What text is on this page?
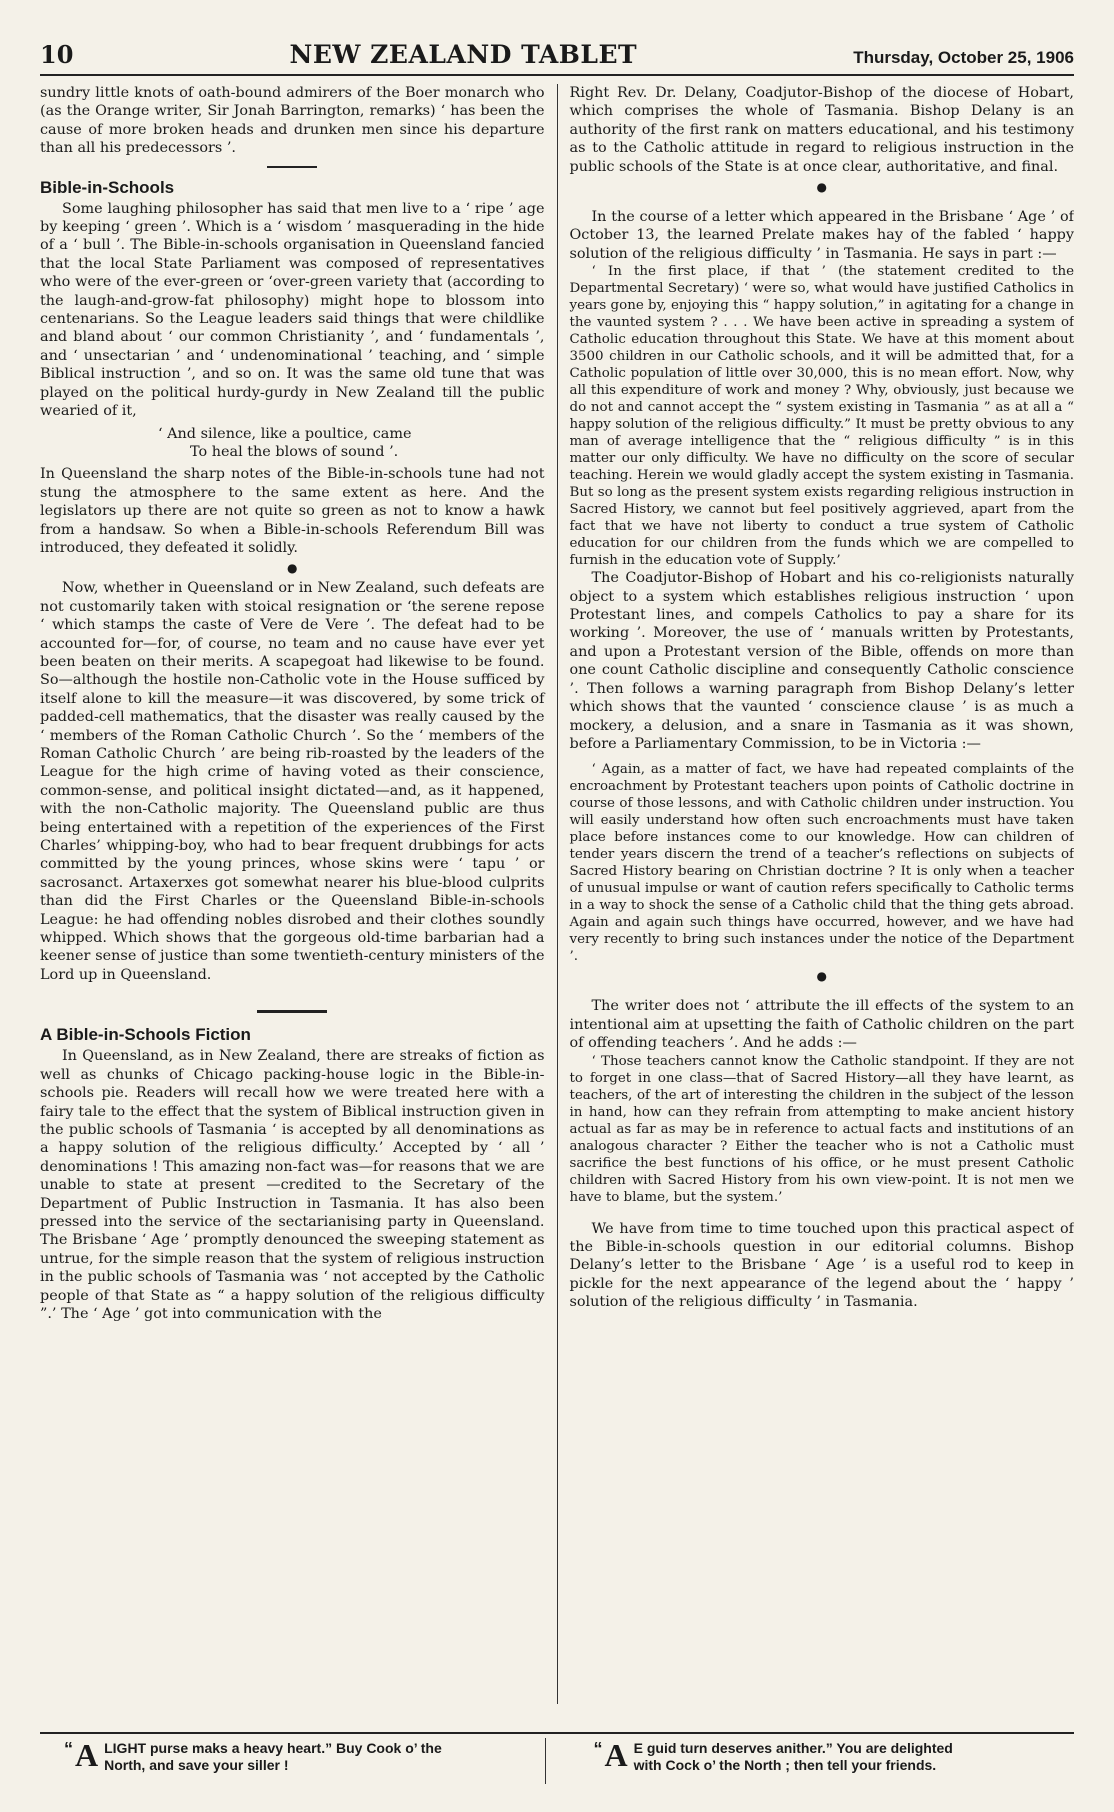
10	NEW ZEALAND TABLET	Thursday, October 25, 1906

sundry little knots of oath-bound admirers of the Boer monarch who (as the Orange writer, Sir Jonah Barrington, remarks) ‘ has been the cause of more broken heads and drunken men since his departure than all his predecessors ’.

Bible-in-Schools

Some laughing philosopher has said that men live to a ‘ ripe ’ age by keeping ‘ green ’. Which is a ‘ wisdom ’ masquerading in the hide of a ‘ bull ’. The Bible-in-schools organisation in Queensland fancied that the local State Parliament was composed of representatives who were of the ever-green or ‘over-green variety that (according to the laugh-and-grow-fat philosophy) might hope to blossom into centenarians. So the League leaders said things that were childlike and bland about ‘ our common Christianity ’, and ‘ fundamentals ’, and ‘ unsectarian ’ and ‘ undenominational ’ teaching, and ‘ simple Biblical instruction ’, and so on. It was the same old tune that was played on the political hurdy-gurdy in New Zealand till the public wearied of it,

‘ And silence, like a poultice, came
To heal the blows of sound ’.

In Queensland the sharp notes of the Bible-in-schools tune had not stung the atmosphere to the same extent as here. And the legislators up there are not quite so green as not to know a hawk from a handsaw. So when a Bible-in-schools Referendum Bill was introduced, they defeated it solidly.

●

Now, whether in Queensland or in New Zealand, such defeats are not customarily taken with stoical resignation or ‘the serene repose ‘ which stamps the caste of Vere de Vere ’. The defeat had to be accounted for—for, of course, no team and no cause have ever yet been beaten on their merits. A scapegoat had likewise to be found. So—although the hostile non-Catholic vote in the House sufficed by itself alone to kill the measure—it was discovered, by some trick of padded-cell mathematics, that the disaster was really caused by the ‘ members of the Roman Catholic Church ’. So the ‘ members of the Roman Catholic Church ’ are being rib-roasted by the leaders of the League for the high crime of having voted as their conscience, common-sense, and political insight dictated—and, as it happened, with the non-Catholic majority. The Queensland public are thus being entertained with a repetition of the experiences of the First Charles’ whipping-boy, who had to bear frequent drubbings for acts committed by the young princes, whose skins were ‘ tapu ’ or sacrosanct. Artaxerxes got somewhat nearer his blue-blood culprits than did the First Charles or the Queensland Bible-in-schools League: he had offending nobles disrobed and their clothes soundly whipped. Which shows that the gorgeous old-time barbarian had a keener sense of justice than some twentieth-century ministers of the Lord up in Queensland.

A Bible-in-Schools Fiction

In Queensland, as in New Zealand, there are streaks of fiction as well as chunks of Chicago packing-house logic in the Bible-in-schools pie. Readers will recall how we were treated here with a fairy tale to the effect that the system of Biblical instruction given in the public schools of Tasmania ‘ is accepted by all denominations as a happy solution of the religious difficulty.’ Accepted by ‘ all ’ denominations ! This amazing non-fact was—for reasons that we are unable to state at present —credited to the Secretary of the Department of Public Instruction in Tasmania. It has also been pressed into the service of the sectarianising party in Queensland. The Brisbane ‘ Age ’ promptly denounced the sweeping statement as untrue, for the simple reason that the system of religious instruction in the public schools of Tasmania was ‘ not accepted by the Catholic people of that State as “ a happy solution of the religious difficulty ”.’ The ‘ Age ’ got into communication with the

Right Rev. Dr. Delany, Coadjutor-Bishop of the diocese of Hobart, which comprises the whole of Tasmania. Bishop Delany is an authority of the first rank on matters educational, and his testimony as to the Catholic attitude in regard to religious instruction in the public schools of the State is at once clear, authoritative, and final.

●

In the course of a letter which appeared in the Brisbane ‘ Age ’ of October 13, the learned Prelate makes hay of the fabled ‘ happy solution of the religious difficulty ’ in Tasmania. He says in part :—

‘ In the first place, if that ’ (the statement credited to the Departmental Secretary) ‘ were so, what would have justified Catholics in years gone by, enjoying this “ happy solution,” in agitating for a change in the vaunted system ? . . . We have been active in spreading a system of Catholic education throughout this State. We have at this moment about 3500 children in our Catholic schools, and it will be admitted that, for a Catholic population of little over 30,000, this is no mean effort. Now, why all this expenditure of work and money ? Why, obviously, just because we do not and cannot accept the “ system existing in Tasmania ” as at all a “ happy solution of the religious difficulty.” It must be pretty obvious to any man of average intelligence that the “ religious difficulty ” is in this matter our only difficulty. We have no difficulty on the score of secular teaching. Herein we would gladly accept the system existing in Tasmania. But so long as the present system exists regarding religious instruction in Sacred History, we cannot but feel positively aggrieved, apart from the fact that we have not liberty to conduct a true system of Catholic education for our children from the funds which we are compelled to furnish in the education vote of Supply.’

The Coadjutor-Bishop of Hobart and his co-religionists naturally object to a system which establishes religious instruction ‘ upon Protestant lines, and compels Catholics to pay a share for its working ’. Moreover, the use of ‘ manuals written by Protestants, and upon a Protestant version of the Bible, offends on more than one count Catholic discipline and consequently Catholic conscience ’. Then follows a warning paragraph from Bishop Delany’s letter which shows that the vaunted ‘ conscience clause ’ is as much a mockery, a delusion, and a snare in Tasmania as it was shown, before a Parliamentary Commission, to be in Victoria :—

‘ Again, as a matter of fact, we have had repeated complaints of the encroachment by Protestant teachers upon points of Catholic doctrine in course of those lessons, and with Catholic children under instruction. You will easily understand how often such encroachments must have taken place before instances come to our knowledge. How can children of tender years discern the trend of a teacher’s reflections on subjects of Sacred History bearing on Christian doctrine ? It is only when a teacher of unusual impulse or want of caution refers specifically to Catholic terms in a way to shock the sense of a Catholic child that the thing gets abroad. Again and again such things have occurred, however, and we have had very recently to bring such instances under the notice of the Department ’.

●

The writer does not ‘ attribute the ill effects of the system to an intentional aim at upsetting the faith of Catholic children on the part of offending teachers ’. And he adds :—

‘ Those teachers cannot know the Catholic standpoint. If they are not to forget in one class—that of Sacred History—all they have learnt, as teachers, of the art of interesting the children in the subject of the lesson in hand, how can they refrain from attempting to make ancient history actual as far as may be in reference to actual facts and institutions of an analogous character ? Either the teacher who is not a Catholic must sacrifice the best functions of his office, or he must present Catholic children with Sacred History from his own view-point. It is not men we have to blame, but the system.’

We have from time to time touched upon this practical aspect of the Bible-in-schools question in our editorial columns. Bishop Delany’s letter to the Brisbane ‘ Age ’ is a useful rod to keep in pickle for the next appearance of the legend about the ‘ happy ’ solution of the religious difficulty ’ in Tasmania.

“ A LIGHT purse maks a heavy heart.” Buy Cook o’ the
North, and save your siller !
“ A E guid turn deserves anither.” You are delighted
with Cock o’ the North ; then tell your friends.
